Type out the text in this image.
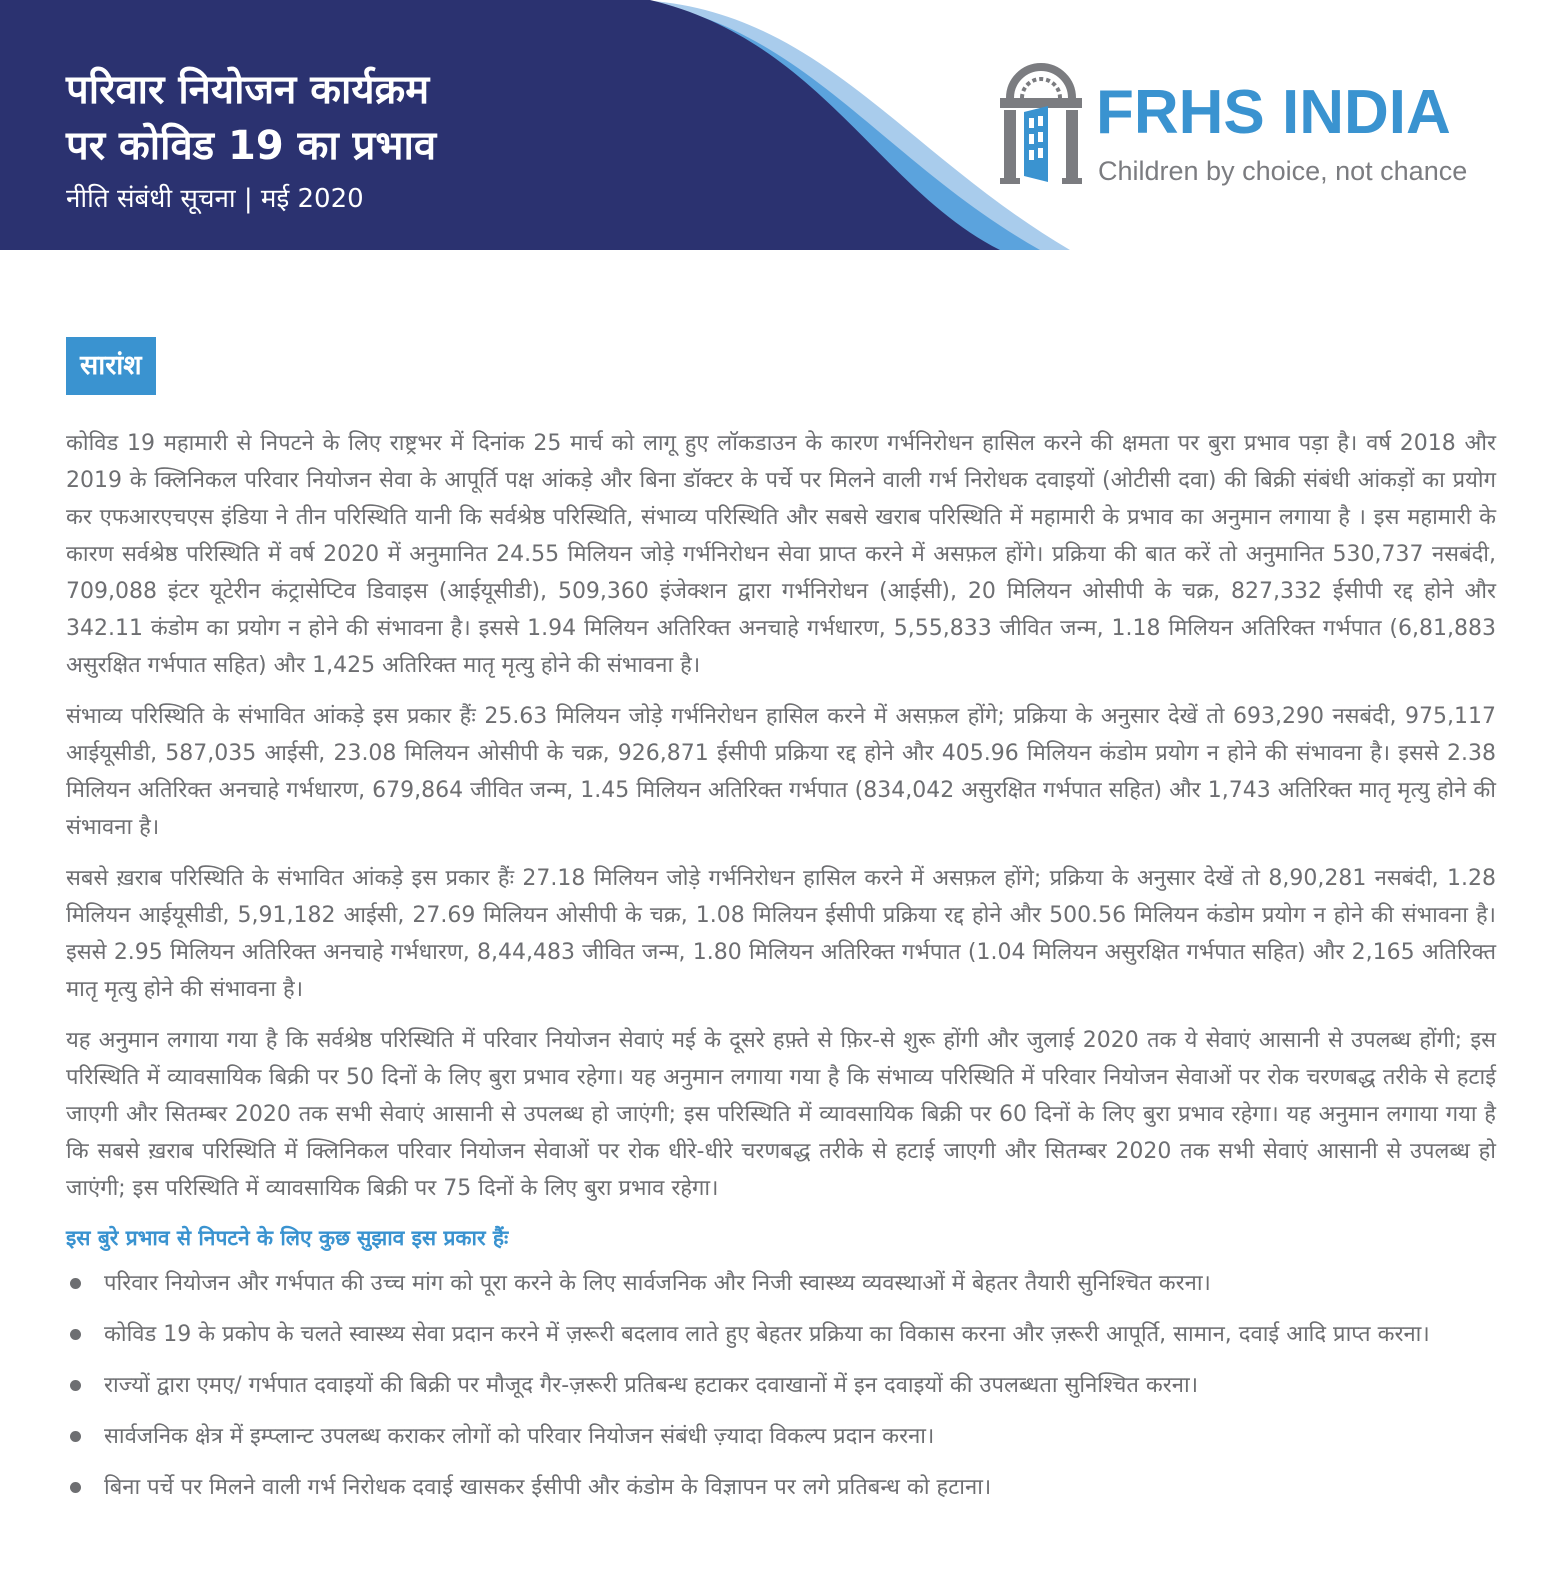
परिवार नियोजन कार्यक्रम
पर कोविड 19 का प्रभाव

नीति संबंधी सूचना | मई 2020

FRHS INDIA

Children by choice, not chance

सारांश

कोविड 19 महामारी से निपटने के लिए राष्ट्रभर में दिनांक 25 मार्च को लागू हुए लॉकडाउन के कारण गर्भनिरोधन हासिल करने की क्षमता पर बुरा प्रभाव पड़ा है। वर्ष 2018 और 2019 के क्लिनिकल परिवार नियोजन सेवा के आपूर्ति पक्ष आंकड़े और बिना डॉक्टर के पर्चे पर मिलने वाली गर्भ निरोधक दवाइयों (ओटीसी दवा) की बिक्री संबंधी आंकड़ों का प्रयोग कर एफआरएचएस इंडिया ने तीन परिस्थिति यानी कि सर्वश्रेष्ठ परिस्थिति, संभाव्य परिस्थिति और सबसे खराब परिस्थिति में महामारी के प्रभाव का अनुमान लगाया है । इस महामारी के कारण सर्वश्रेष्ठ परिस्थिति में वर्ष 2020 में अनुमानित 24.55 मिलियन जोड़े गर्भनिरोधन सेवा प्राप्त करने में असफ़ल होंगे। प्रक्रिया की बात करें तो अनुमानित 530,737 नसबंदी, 709,088 इंटर यूटेरीन कंट्रासेप्टिव डिवाइस (आईयूसीडी), 509,360 इंजेक्शन द्वारा गर्भनिरोधन (आईसी), 20 मिलियन ओसीपी के चक्र, 827,332 ईसीपी रद्द होने और 342.11 कंडोम का प्रयोग न होने की संभावना है। इससे 1.94 मिलियन अतिरिक्त अनचाहे गर्भधारण, 5,55,833 जीवित जन्म, 1.18 मिलियन अतिरिक्त गर्भपात (6,81,883 असुरक्षित गर्भपात सहित) और 1,425 अतिरिक्त मातृ मृत्यु होने की संभावना है।

संभाव्य परिस्थिति के संभावित आंकड़े इस प्रकार हैंः 25.63 मिलियन जोड़े गर्भनिरोधन हासिल करने में असफ़ल होंगे; प्रक्रिया के अनुसार देखें तो 693,290 नसबंदी, 975,117 आईयूसीडी, 587,035 आईसी, 23.08 मिलियन ओसीपी के चक्र, 926,871 ईसीपी प्रक्रिया रद्द होने और 405.96 मिलियन कंडोम प्रयोग न होने की संभावना है। इससे 2.38 मिलियन अतिरिक्त अनचाहे गर्भधारण, 679,864 जीवित जन्म, 1.45 मिलियन अतिरिक्त गर्भपात (834,042 असुरक्षित गर्भपात सहित) और 1,743 अतिरिक्त मातृ मृत्यु होने की संभावना है।

सबसे ख़राब परिस्थिति के संभावित आंकड़े इस प्रकार हैंः 27.18 मिलियन जोड़े गर्भनिरोधन हासिल करने में असफ़ल होंगे; प्रक्रिया के अनुसार देखें तो 8,90,281 नसबंदी, 1.28 मिलियन आईयूसीडी, 5,91,182 आईसी, 27.69 मिलियन ओसीपी के चक्र, 1.08 मिलियन ईसीपी प्रक्रिया रद्द होने और 500.56 मिलियन कंडोम प्रयोग न होने की संभावना है। इससे 2.95 मिलियन अतिरिक्त अनचाहे गर्भधारण, 8,44,483 जीवित जन्म, 1.80 मिलियन अतिरिक्त गर्भपात (1.04 मिलियन असुरक्षित गर्भपात सहित) और 2,165 अतिरिक्त मातृ मृत्यु होने की संभावना है।

यह अनुमान लगाया गया है कि सर्वश्रेष्ठ परिस्थिति में परिवार नियोजन सेवाएं मई के दूसरे हफ़्ते से फ़िर-से शुरू होंगी और जुलाई 2020 तक ये सेवाएं आसानी से उपलब्ध होंगी; इस परिस्थिति में व्यावसायिक बिक्री पर 50 दिनों के लिए बुरा प्रभाव रहेगा। यह अनुमान लगाया गया है कि संभाव्य परिस्थिति में परिवार नियोजन सेवाओं पर रोक चरणबद्ध तरीके से हटाई जाएगी और सितम्बर 2020 तक सभी सेवाएं आसानी से उपलब्ध हो जाएंगी; इस परिस्थिति में व्यावसायिक बिक्री पर 60 दिनों के लिए बुरा प्रभाव रहेगा। यह अनुमान लगाया गया है कि सबसे ख़राब परिस्थिति में क्लिनिकल परिवार नियोजन सेवाओं पर रोक धीरे-धीरे चरणबद्ध तरीके से हटाई जाएगी और सितम्बर 2020 तक सभी सेवाएं आसानी से उपलब्ध हो जाएंगी; इस परिस्थिति में व्यावसायिक बिक्री पर 75 दिनों के लिए बुरा प्रभाव रहेगा।

इस बुरे प्रभाव से निपटने के लिए कुछ सुझाव इस प्रकार हैंः
परिवार नियोजन और गर्भपात की उच्च मांग को पूरा करने के लिए सार्वजनिक और निजी स्वास्थ्य व्यवस्थाओं में बेहतर तैयारी सुनिश्चित करना।
कोविड 19 के प्रकोप के चलते स्वास्थ्य सेवा प्रदान करने में ज़रूरी बदलाव लाते हुए बेहतर प्रक्रिया का विकास करना और ज़रूरी आपूर्ति, सामान, दवाई आदि प्राप्त करना।
राज्यों द्वारा एमए/ गर्भपात दवाइयों की बिक्री पर मौजूद गैर-ज़रूरी प्रतिबन्ध हटाकर दवाखानों में इन दवाइयों की उपलब्धता सुनिश्चित करना।
सार्वजनिक क्षेत्र में इम्प्लान्ट उपलब्ध कराकर लोगों को परिवार नियोजन संबंधी ज़्यादा विकल्प प्रदान करना।
बिना पर्चे पर मिलने वाली गर्भ निरोधक दवाई खासकर ईसीपी और कंडोम के विज्ञापन पर लगे प्रतिबन्ध को हटाना।
